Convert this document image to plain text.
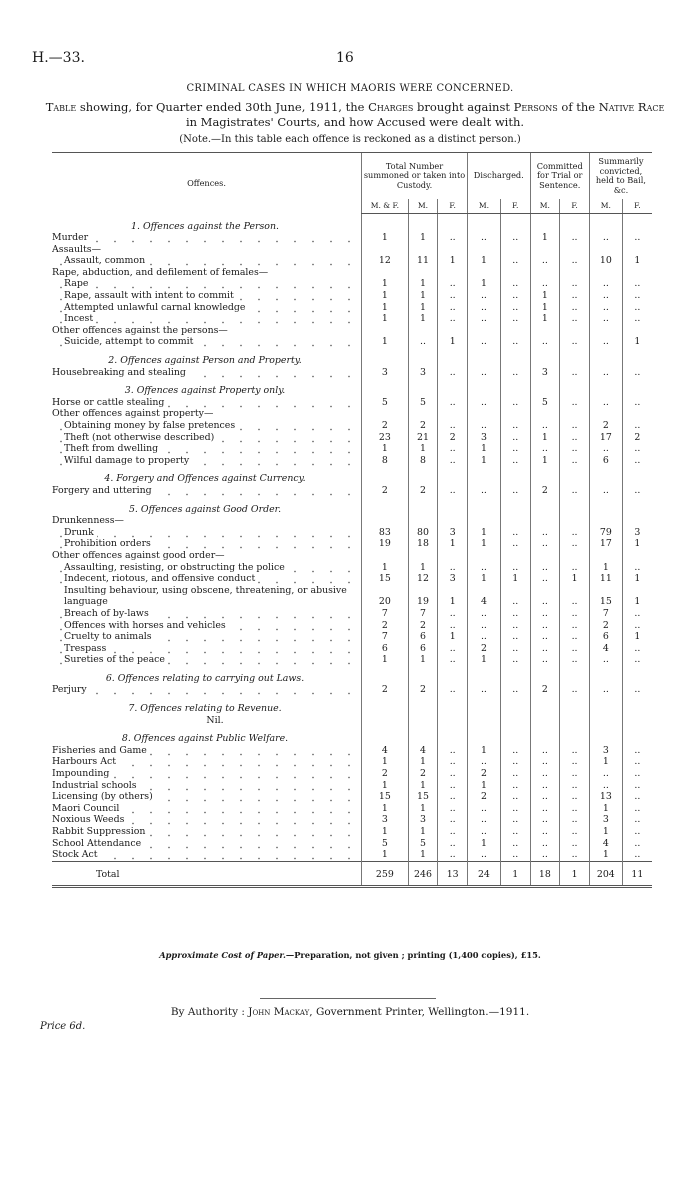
H.—33.	16
CRIMINAL CASES IN WHICH MAORIS WERE CONCERNED.
Table showing, for Quarter ended 30th June, 1911, the Charges brought against Persons of the Native Race in Magistrates' Courts, and how Accused were dealt with.
(Note.—In this table each offence is reckoned as a distinct person.)
Offences.	Total Number summoned or taken into Custody.			Discharged.		Committed for Trial or Sentence.		Summarily convicted, held to Bail, &c.	
	M. & F.	M.	F.	M.	F.	M.	F.	M.	F.
1. Offences against the Person.									
Murder	1	1	..	..	..	1	..	..	..
Assaults—									
Assault, common	12	11	1	1	..	..	..	10	1
Rape, abduction, and defilement of females—									
Rape	1	1	..	1	..	..	..	..	..
Rape, assault with intent to commit	1	1	..	..	..	1	..	..	..
Attempted unlawful carnal knowledge	1	1	..	..	..	1	..	..	..
Incest	1	1	..	..	..	1	..	..	..
Other offences against the persons—									
Suicide, attempt to commit	1	..	1	..	..	..	..	..	1
2. Offences against Person and Property.									
Housebreaking and stealing	3	3	..	..	..	3	..	..	..
3. Offences against Property only.									
Horse or cattle stealing	5	5	..	..	..	5	..	..	..
Other offences against property—									
Obtaining money by false pretences	2	2	..	..	..	..	..	2	..
Theft (not otherwise described)	23	21	2	3	..	1	..	17	2
Theft from dwelling	1	1	..	1	..	..	..	..	..
Wilful damage to property	8	8	..	1	..	1	..	6	..
4. Forgery and Offences against Currency.									
Forgery and uttering	2	2	..	..	..	2	..	..	..
5. Offences against Good Order.									
Drunkenness—									
Drunk	83	80	3	1	..	..	..	79	3
Prohibition orders	19	18	1	1	..	..	..	17	1
Other offences against good order—									
Assaulting, resisting, or obstructing the police	1	1	..	..	..	..	..	1	..
Indecent, riotous, and offensive conduct	15	12	3	1	1	..	1	11	1
Insulting behaviour, using obscene, threatening, or abusive language	20	19	1	4	..	..	..	15	1
Breach of by-laws	7	7	..	..	..	..	..	7	..
Offences with horses and vehicles	2	2	..	..	..	..	..	2	..
Cruelty to animals	7	6	1	..	..	..	..	6	1
Trespass	6	6	..	2	..	..	..	4	..
Sureties of the peace	1	1	..	1	..	..	..	..	..
6. Offences relating to carrying out Laws.									
Perjury	2	2	..	..	..	2	..	..	..
7. Offences relating to Revenue.									
Nil.									
8. Offences against Public Welfare.									
Fisheries and Game	4	4	..	1	..	..	..	3	..
Harbours Act	1	1	..	..	..	..	..	1	..
Impounding	2	2	..	2	..	..	..	..	..
Industrial schools	1	1	..	1	..	..	..	..	..
Licensing (by others)	15	15	..	2	..	..	..	13	..
Maori Council	1	1	..	..	..	..	..	1	..
Noxious Weeds	3	3	..	..	..	..	..	3	..
Rabbit Suppression	1	1	..	..	..	..	..	1	..
School Attendance	5	5	..	1	..	..	..	4	..
Stock Act	1	1	..	..	..	..	..	1	..
Total	259	246	13	24	1	18	1	204	11
Approximate Cost of Paper.—Preparation, not given ; printing (1,400 copies), £15.
By Authority : John Mackay, Government Printer, Wellington.—1911.
Price 6d.
